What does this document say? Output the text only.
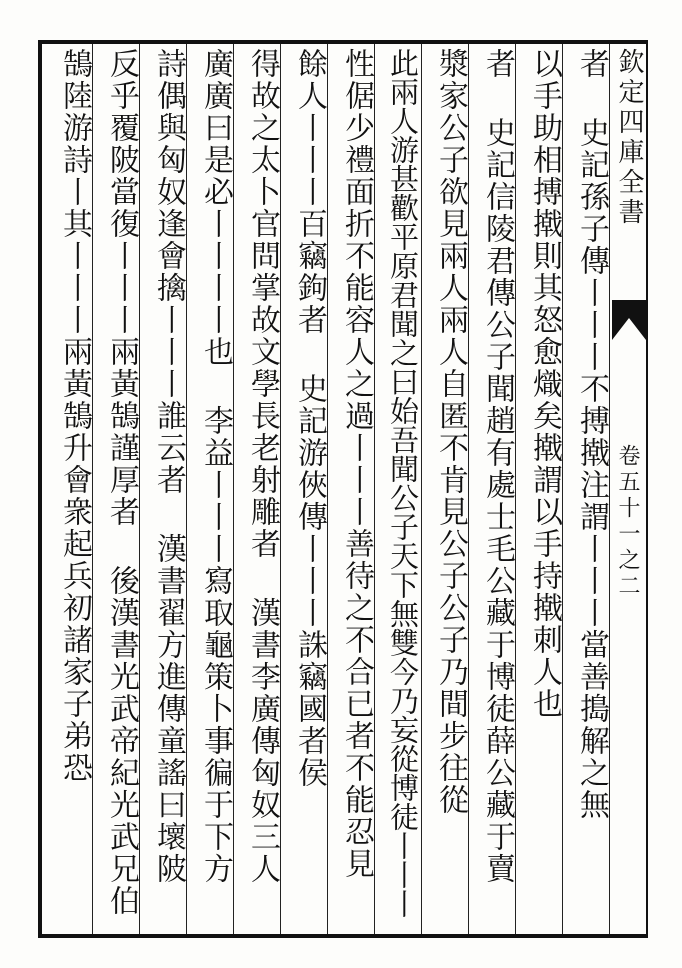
欽定四庫全書
卷五十一之二
者 史記孫子傳丨丨丨不搏撠注謂丨丨丨當善搗解之無
以手助相搏撠則其怒愈熾矣撠謂以手持撠刺人也
者 史記信陵君傳公子聞趙有處士毛公藏于博徒薛公藏于賣
漿家公子欲見兩人兩人自匿不肯見公子公子乃間步往從
此兩人游甚歡平原君聞之曰始吾聞公子天下無雙今乃妄從博徒丨丨丨
性倨少禮面折不能容人之過丨丨丨善待之不合已者不能忍見
餘人丨丨丨百竊鉤者 史記游俠傳丨丨丨誅竊國者侯
得故之太卜官問掌故文學長老射雕者 漢書李廣傳匈奴三人
廣廣曰是必丨丨丨丨也 李益丨丨丨寫取龜策卜事徧于下方
詩偶與匈奴逢會擒丨丨丨誰云者 漢書翟方進傳童謠曰壞陂
反乎覆陂當復丨丨丨兩黃鵠謹厚者 後漢書光武帝紀光武兄伯
鵠陸游詩丨其丨丨丨兩黃鵠升會衆起兵初諸家子弟恐
